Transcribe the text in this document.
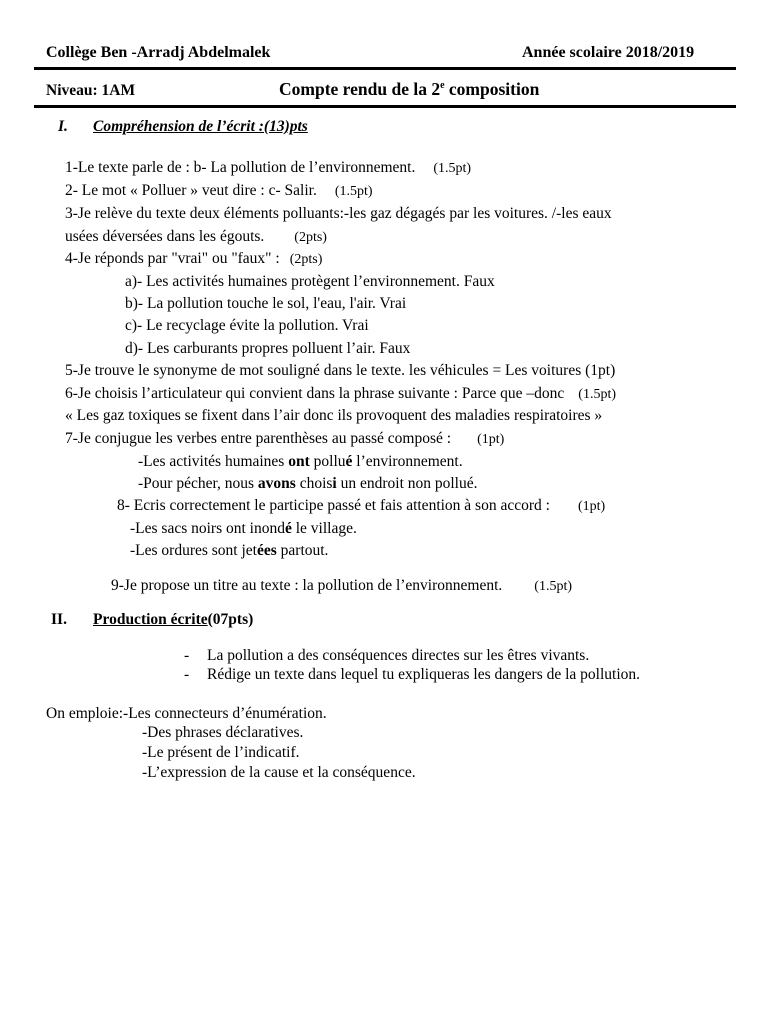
Collège Ben -Arradj Abdelmalek	Année scolaire 2018/2019
Niveau: 1AM	Compte rendu de la 2e composition
I. Compréhension de l’écrit :(13)pts
1-Le texte parle de : b- La pollution de l’environnement. (1.5pt)
2- Le mot « Polluer » veut dire : c- Salir. (1.5pt)
3-Je relève du texte deux éléments polluants:-les gaz dégagés par les voitures. /-les eaux
usées déversées dans les égouts. (2pts)
4-Je réponds par "vrai" ou "faux" : (2pts)
a)- Les activités humaines protègent l’environnement. Faux
b)- La pollution touche le sol, l'eau, l'air. Vrai
c)- Le recyclage évite la pollution. Vrai
d)- Les carburants propres polluent l’air. Faux
5-Je trouve le synonyme de mot souligné dans le texte. les véhicules = Les voitures (1pt)
6-Je choisis l’articulateur qui convient dans la phrase suivante : Parce que –donc (1.5pt)
« Les gaz toxiques se fixent dans l’air donc ils provoquent des maladies respiratoires »
7-Je conjugue les verbes entre parenthèses au passé composé : (1pt)
-Les activités humaines ont pollué l’environnement.
-Pour pécher, nous avons choisi un endroit non pollué.
8- Ecris correctement le participe passé et fais attention à son accord : (1pt)
-Les sacs noirs ont inondé le village.
-Les ordures sont jetées partout.
9-Je propose un titre au texte : la pollution de l’environnement. (1.5pt)
II. Production écrite(07pts)
- La pollution a des conséquences directes sur les êtres vivants.
- Rédige un texte dans lequel tu expliqueras les dangers de la pollution.
On emploie:-Les connecteurs d’énumération.
-Des phrases déclaratives.
-Le présent de l’indicatif.
-L’expression de la cause et la conséquence.
